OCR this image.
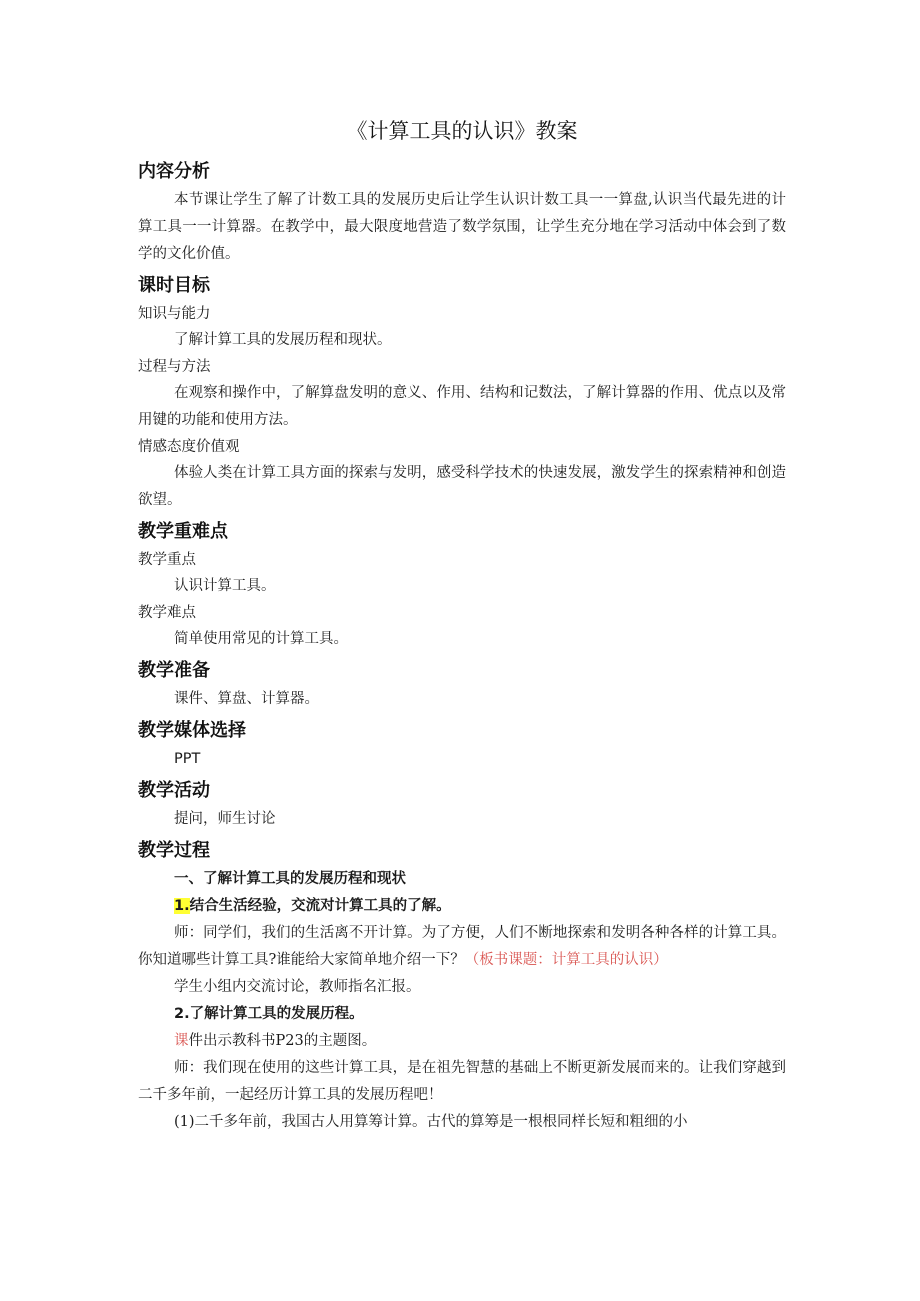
《计算工具的认识》教案
内容分析

本节课让学生了解了计数工具的发展历史后让学生认识计数工具一一算盘,认识当代最先进的计算工具一一计算器。在教学中，最大限度地营造了数学氛围，让学生充分地在学习活动中体会到了数学的文化价值。

课时目标

知识与能力

了解计算工具的发展历程和现状。

过程与方法

在观察和操作中，了解算盘发明的意义、作用、结构和记数法，了解计算器的作用、优点以及常用键的功能和使用方法。

情感态度价值观

体验人类在计算工具方面的探索与发明，感受科学技术的快速发展，激发学生的探索精神和创造欲望。

教学重难点

教学重点

认识计算工具。

教学难点

简单使用常见的计算工具。

教学准备

课件、算盘、计算器。

教学媒体选择

PPT

教学活动

提问，师生讨论

教学过程

一、了解计算工具的发展历程和现状

1.结合生活经验，交流对计算工具的了解。

师：同学们，我们的生活离不开计算。为了方便，人们不断地探索和发明各种各样的计算工具。你知道哪些计算工具?谁能给大家简单地介绍一下？（板书课题：计算工具的认识）

学生小组内交流讨论，教师指名汇报。

2.了解计算工具的发展历程。

课件出示教科书P23的主题图。

师：我们现在使用的这些计算工具，是在祖先智慧的基础上不断更新发展而来的。让我们穿越到二千多年前，一起经历计算工具的发展历程吧！

(1)二千多年前，我国古人用算筹计算。古代的算筹是一根根同样长短和粗细的小
